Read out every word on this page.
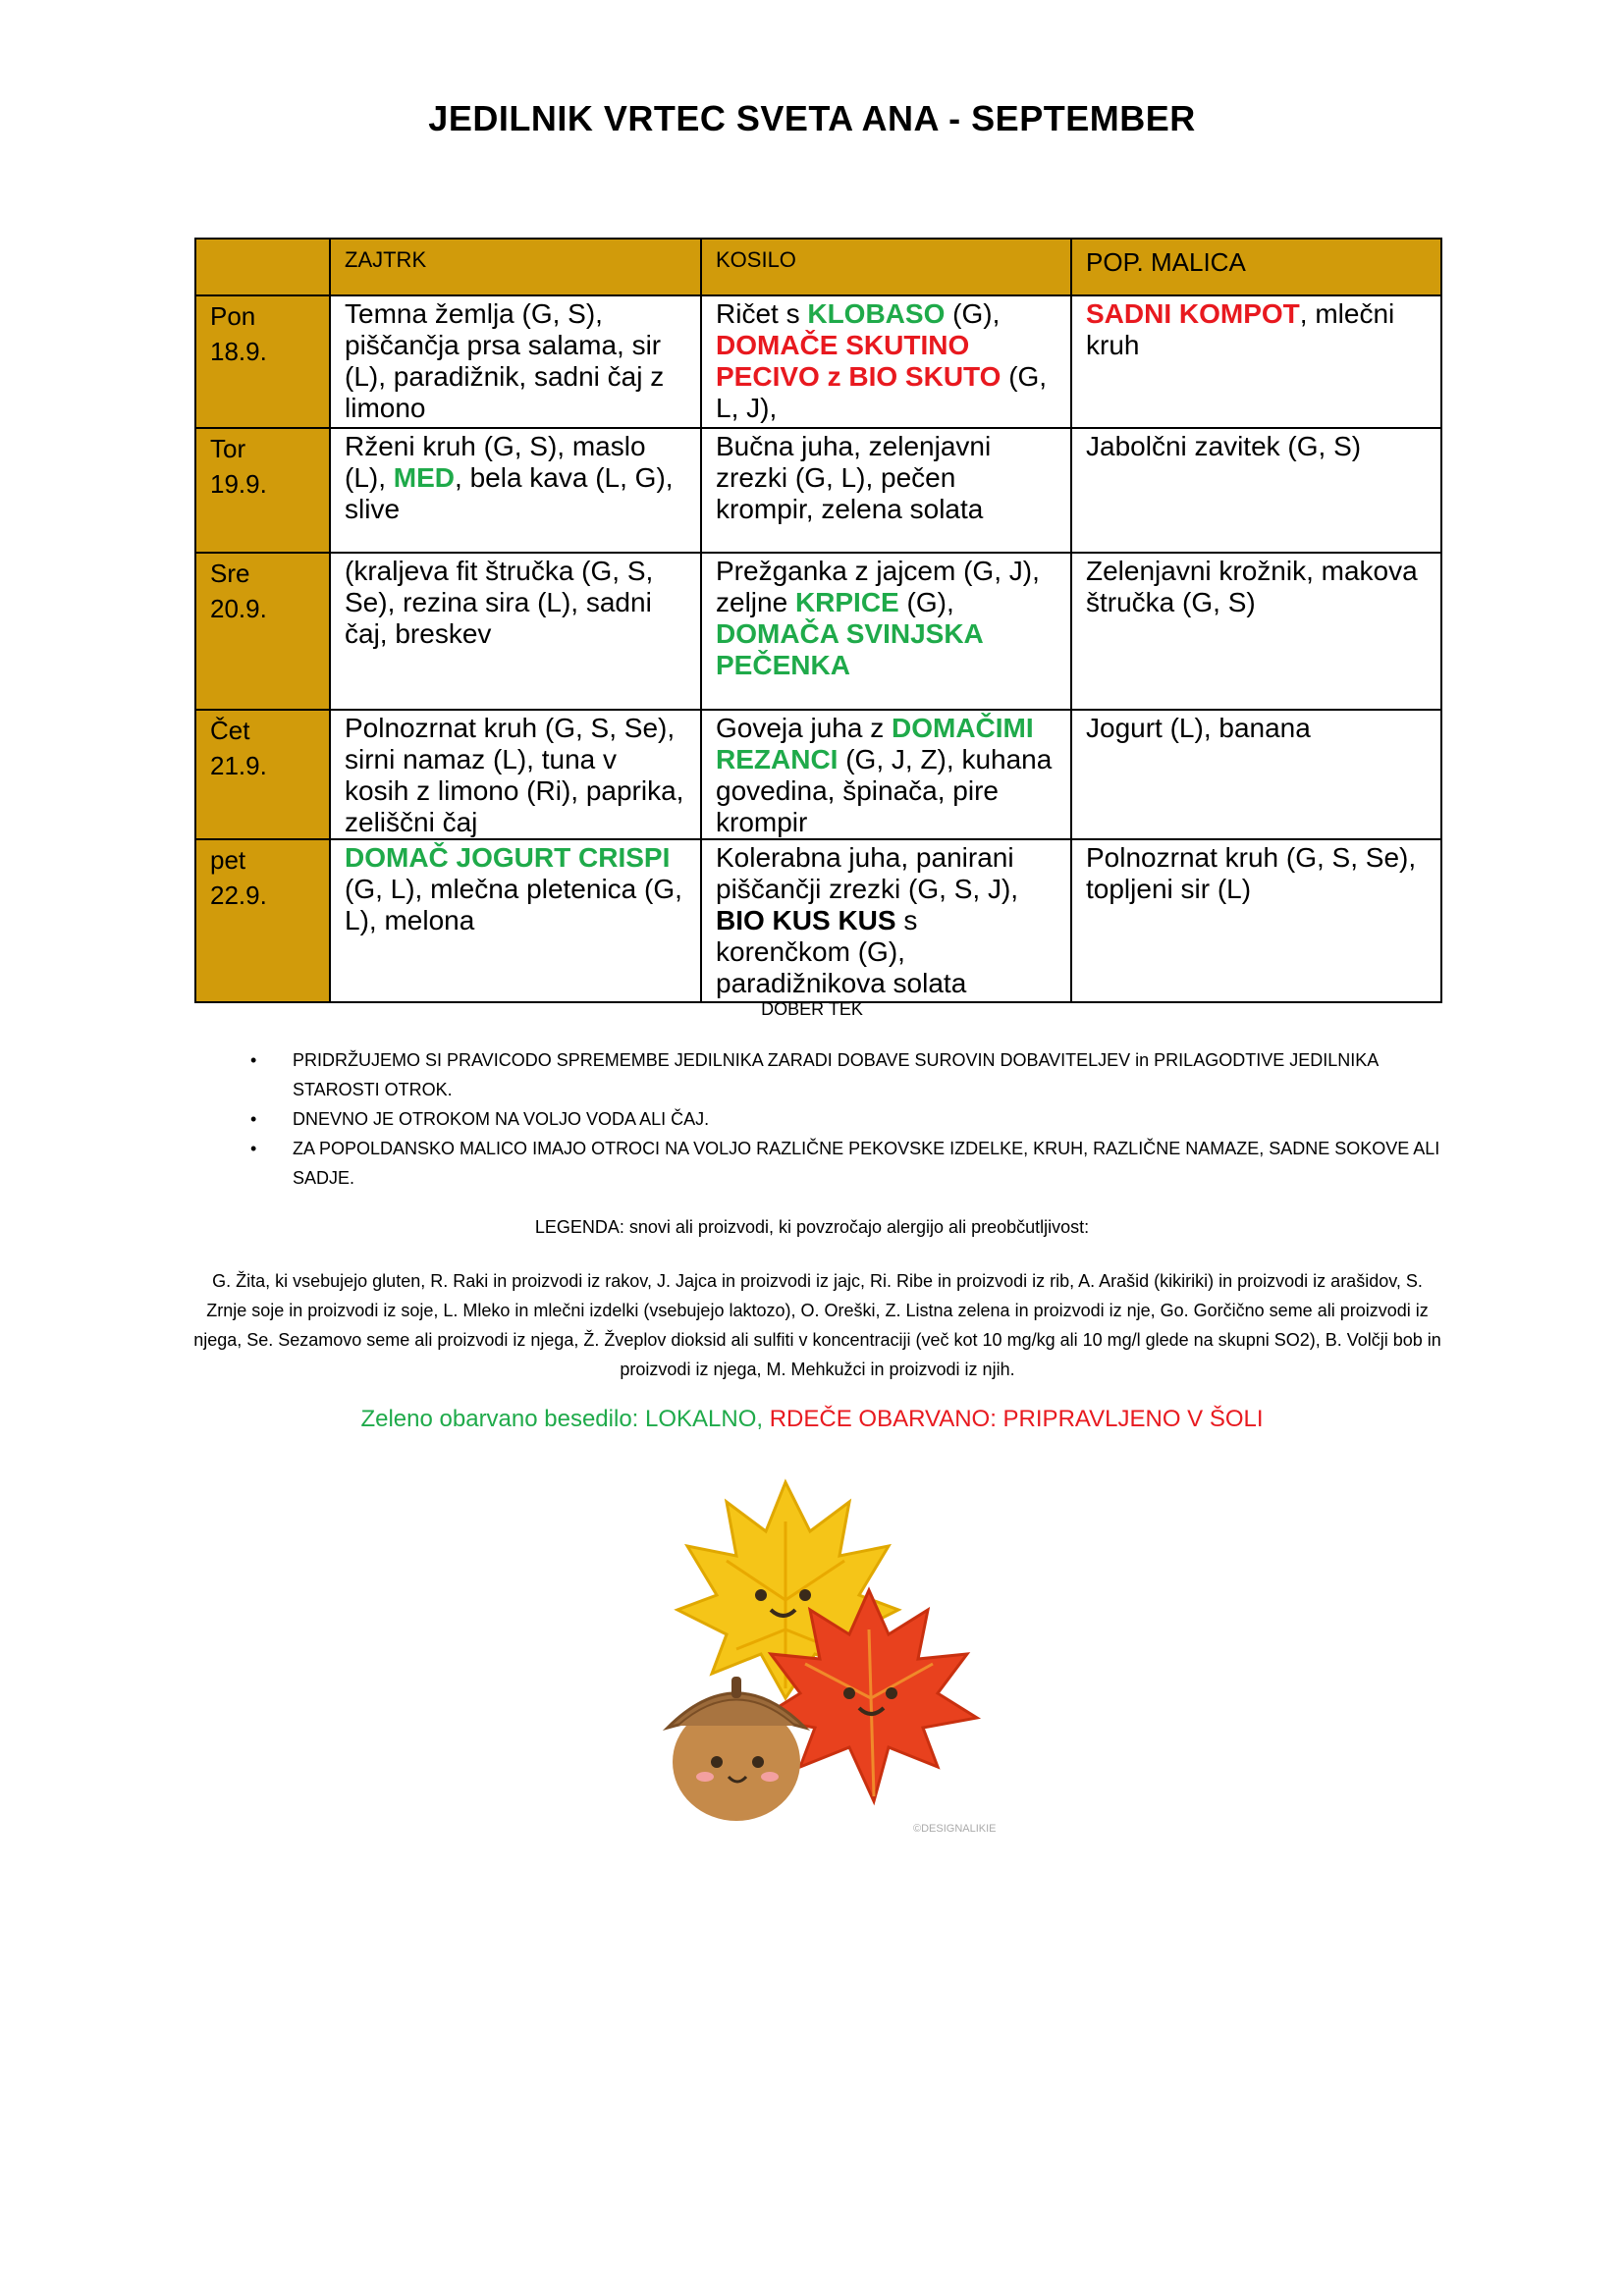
JEDILNIK VRTEC SVETA ANA - SEPTEMBER
	ZAJTRK	KOSILO	POP. MALICA
Pon
18.9.	Temna žemlja (G, S), piščančja prsa salama, sir (L), paradižnik, sadni čaj z limono	Ričet s KLOBASO (G), DOMAČE SKUTINO PECIVO z BIO SKUTO (G, L, J),	SADNI KOMPOT, mlečni kruh
Tor
19.9.	Rženi kruh (G, S), maslo (L), MED, bela kava (L, G), slive	Bučna juha, zelenjavni zrezki (G, L), pečen krompir, zelena solata	Jabolčni zavitek (G, S)
Sre
20.9.	(kraljeva fit štručka (G, S, Se), rezina sira (L), sadni čaj, breskev	Prežganka z jajcem (G, J), zeljne KRPICE (G), DOMAČA SVINJSKA PEČENKA	Zelenjavni krožnik, makova štručka (G, S)
Čet
21.9.	Polnozrnat kruh (G, S, Se), sirni namaz (L), tuna v kosih z limono (Ri), paprika, zeliščni čaj	Goveja juha z DOMAČIMI REZANCI (G, J, Z), kuhana govedina, špinača, pire krompir	Jogurt (L), banana
pet
22.9.	DOMAČ JOGURT CRISPI (G, L), mlečna pletenica (G, L), melona	Kolerabna juha, panirani piščančji zrezki (G, S, J), BIO KUS KUS s korenčkom (G), paradižnikova solata	Polnozrnat kruh (G, S, Se), topljeni sir (L)
DOBER TEK
• PRIDRŽUJEMO SI PRAVICODO SPREMEMBE JEDILNIKA ZARADI DOBAVE SUROVIN DOBAVITELJEV in PRILAGODTIVE JEDILNIKA STAROSTI OTROK.
• DNEVNO JE OTROKOM NA VOLJO VODA ALI ČAJ.
• ZA POPOLDANSKO MALICO IMAJO OTROCI NA VOLJO RAZLIČNE PEKOVSKE IZDELKE, KRUH, RAZLIČNE NAMAZE, SADNE SOKOVE ALI SADJE.
LEGENDA: snovi ali proizvodi, ki povzročajo alergijo ali preobčutljivost:
G. Žita, ki vsebujejo gluten, R. Raki in proizvodi iz rakov, J. Jajca in proizvodi iz jajc, Ri. Ribe in proizvodi iz rib, A. Arašid (kikiriki) in proizvodi iz arašidov, S. Zrnje soje in proizvodi iz soje, L. Mleko in mlečni izdelki (vsebujejo laktozo), O. Oreški, Z. Listna zelena in proizvodi iz nje, Go. Gorčično seme ali proizvodi iz njega, Se. Sezamovo seme ali proizvodi iz njega, Ž. Žveplov dioksid ali sulfiti v koncentraciji (več kot 10 mg/kg ali 10 mg/l glede na skupni SO2), B. Volčji bob in proizvodi iz njega, M. Mehkužci in proizvodi iz njih.
Zeleno obarvano besedilo: LOKALNO, RDEČE OBARVANO: PRIPRAVLJENO V ŠOLI
©DESIGNALIKIE
